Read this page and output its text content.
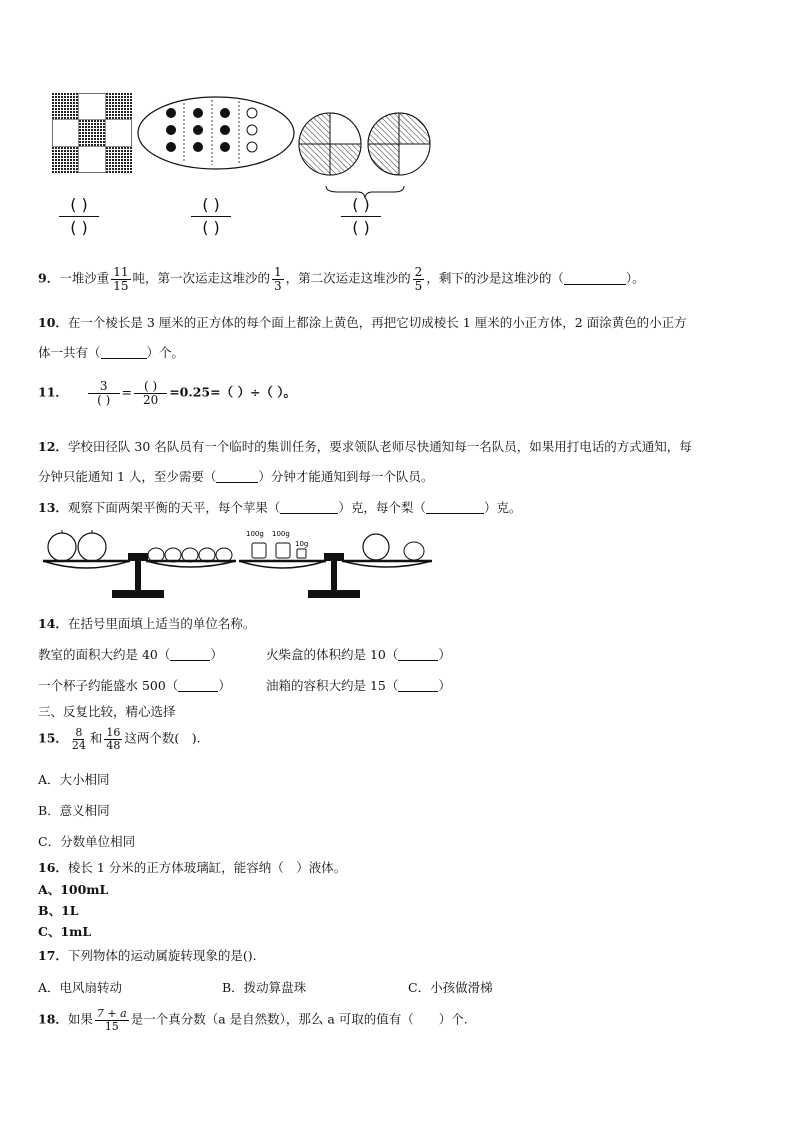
( )
( )
( )
( )
( )
( )
9．一堆沙重 $\frac{11}{15}$ 吨，第一次运走这堆沙的 $\frac{1}{3}$ ，第二次运走这堆沙的 $\frac{2}{5}$ ，剩下的沙是这堆沙的（	）。
10．在一个棱长是 3 厘米的正方体的每个面上都涂上黄色，再把它切成棱长 1 厘米的小正方体，2 面涂黄色的小正方
体一共有（	）个。
11． $\frac{3}{( )} = \frac{( )}{20} =0.25=$（ ）÷（ ）。
12．学校田径队 30 名队员有一个临时的集训任务，要求领队老师尽快通知每一名队员，如果用打电话的方式通知，每
分钟只能通知 1 人，至少需要（	）分钟才能通知到每一个队员。
13．观察下面两架平衡的天平，每个苹果（	）克，每个梨（	）克。
100g 100g
10g
14．在括号里面填上适当的单位名称。
教室的面积大约是 40（	）	火柴盒的体积约是 10（	）
一个杯子约能盛水 500（	）	油箱的容积大约是 15（	）
三、反复比较，精心选择
15． $\frac{8}{24}$ 和 $\frac{16}{48}$ 这两个数(　).
A．大小相同
B．意义相同
C．分数单位相同
16．棱长 1 分米的正方体玻璃缸，能容纳（　）液体。
A、100mL
B、1L
C、1mL
17．下列物体的运动属旋转现象的是().
A．电风扇转动	B．拨动算盘珠	C．小孩做滑梯
18．如果 $\frac{7 + a}{15}$ 是一个真分数（a 是自然数），那么 a 可取的值有（　　）个.
